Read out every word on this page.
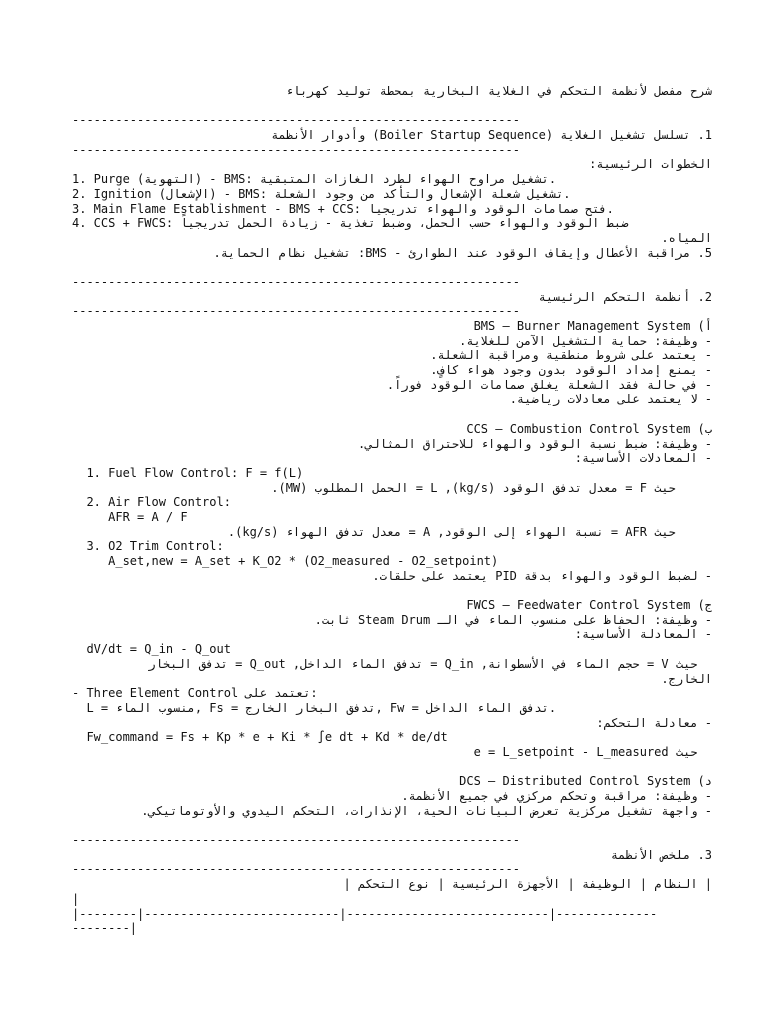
شرح مفصل لأنظمة التحكم في الغلاية البخارية بمحطة توليد كهرباء
--------------------------------------------------------------
1. تسلسل تشغيل الغلاية (Boiler Startup Sequence) وأدوار الأنظمة
--------------------------------------------------------------
الخطوات الرئيسية:
1. Purge (التهوية) - BMS: تشغيل مراوح الهواء لطرد الغازات المتبقية.
2. Ignition (الإشعال) - BMS: تشغيل شعلة الإشعال والتأكد من وجود الشعلة.
3. Main Flame Establishment - BMS + CCS: فتح صمامات الوقود والهواء تدريجيا.
4. CCS + FWCS: ضبط الوقود والهواء حسب الحمل، وضبط تغذية - زيادة الحمل تدريجياً
المياه.
5. مراقبة الأعطال وإيقاف الوقود عند الطوارئ - BMS: تشغيل نظام الحماية.
--------------------------------------------------------------
2. أنظمة التحكم الرئيسية
--------------------------------------------------------------
أ) BMS – Burner Management System
- وظيفة: حماية التشغيل الآمن للغلاية.
- يعتمد على شروط منطقية ومراقبة الشعلة.
- يمنع إمداد الوقود بدون وجود هواء كافٍ.
- في حالة فقد الشعلة يغلق صمامات الوقود فوراً.
- لا يعتمد على معادلات رياضية.
ب) CCS – Combustion Control System
- وظيفة: ضبط نسبة الوقود والهواء للاحتراق المثالي.
- المعادلات الأساسية:
1. Fuel Flow Control: F = f(L)
حيث F = معدل تدفق الوقود (kg/s), L = الحمل المطلوب (MW).
2. Air Flow Control:
AFR = A / F
حيث AFR = نسبة الهواء إلى الوقود, A = معدل تدفق الهواء (kg/s).
3. O2 Trim Control:
A_set,new = A_set + K_O2 * (O2_measured - O2_setpoint)
- لضبط الوقود والهواء بدقة PID يعتمد على حلقات.
ج) FWCS – Feedwater Control System
- وظيفة: الحفاظ على منسوب الماء في الـ Steam Drum ثابت.
- المعادلة الأساسية:
dV/dt = Q_in - Q_out
حيث V = حجم الماء في الأسطوانة, Q_in = تدفق الماء الداخل, Q_out = تدفق البخار
الخارج.
- Three Element Control تعتمد على:
L = منسوب الماء, Fs = تدفق البخار الخارج, Fw = تدفق الماء الداخل.
- معادلة التحكم:
Fw_command = Fs + Kp * e + Ki * ∫e dt + Kd * de/dt
حيث e = L_setpoint - L_measured
د) DCS – Distributed Control System
- وظيفة: مراقبة وتحكم مركزي في جميع الأنظمة.
- واجهة تشغيل مركزية تعرض البيانات الحية، الإنذارات، التحكم اليدوي والأوتوماتيكي.
--------------------------------------------------------------
3. ملخص الأنظمة
--------------------------------------------------------------
| النظام | الوظيفة | الأجهزة الرئيسية | نوع التحكم |
|
|--------|---------------------------|----------------------------|--------------
--------|
